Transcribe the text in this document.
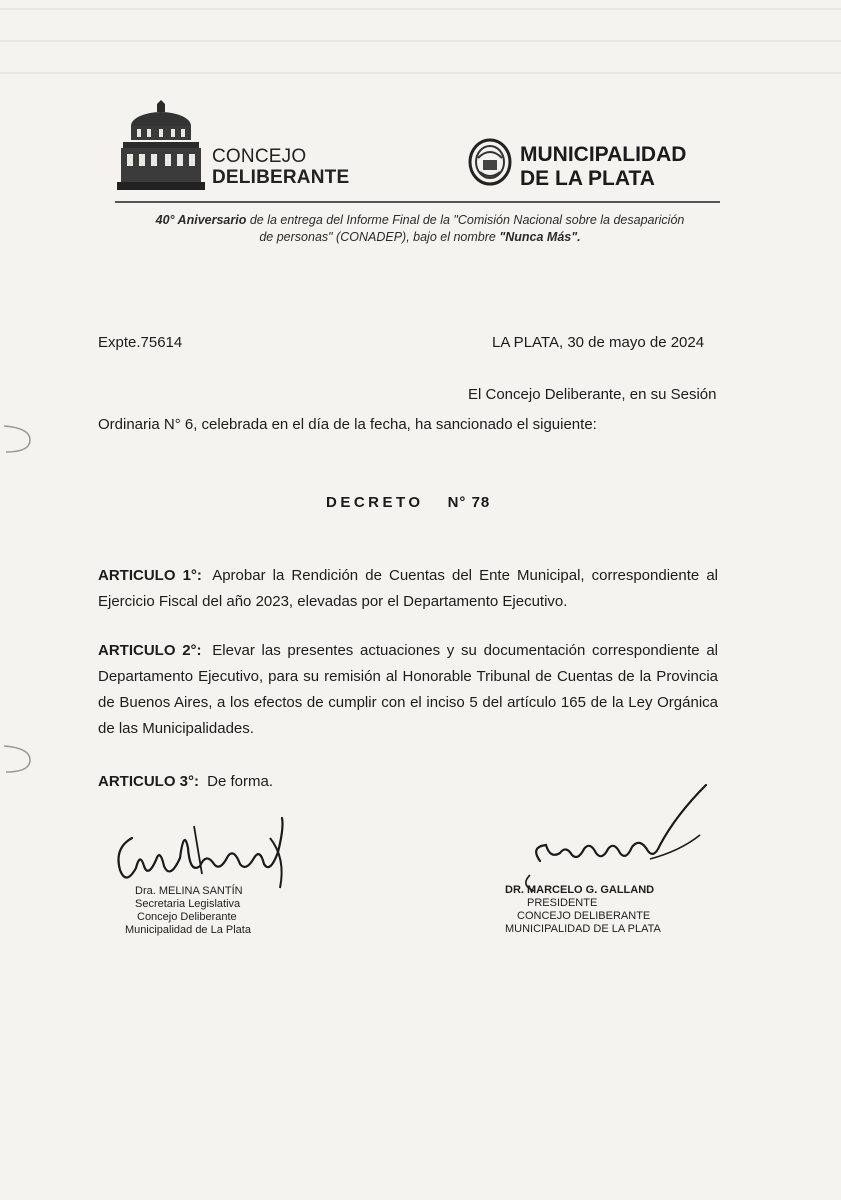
CONCEJO
DELIBERANTE
MUNICIPALIDAD
DE LA PLATA
40° Aniversario de la entrega del Informe Final de la "Comisión Nacional sobre la desaparición
de personas" (CONADEP), bajo el nombre "Nunca Más".
Expte.75614	LA PLATA, 30 de mayo de 2024
El Concejo Deliberante, en su Sesión
Ordinaria N° 6, celebrada en el día de la fecha, ha sancionado el siguiente:
DECRETO N° 78
ARTICULO 1°: Aprobar la Rendición de Cuentas del Ente Municipal, correspondiente al Ejercicio Fiscal del año 2023, elevadas por el Departamento Ejecutivo.
ARTICULO 2°: Elevar las presentes actuaciones y su documentación correspondiente al Departamento Ejecutivo, para su remisión al Honorable Tribunal de Cuentas de la Provincia de Buenos Aires, a los efectos de cumplir con el inciso 5 del artículo 165 de la Ley Orgánica de las Municipalidades.
ARTICULO 3°: De forma.
Dra. MELINA SANTÍN
Secretaria Legislativa
Concejo Deliberante
Municipalidad de La Plata
DR. MARCELO G. GALLAND
PRESIDENTE
CONCEJO DELIBERANTE
MUNICIPALIDAD DE LA PLATA
